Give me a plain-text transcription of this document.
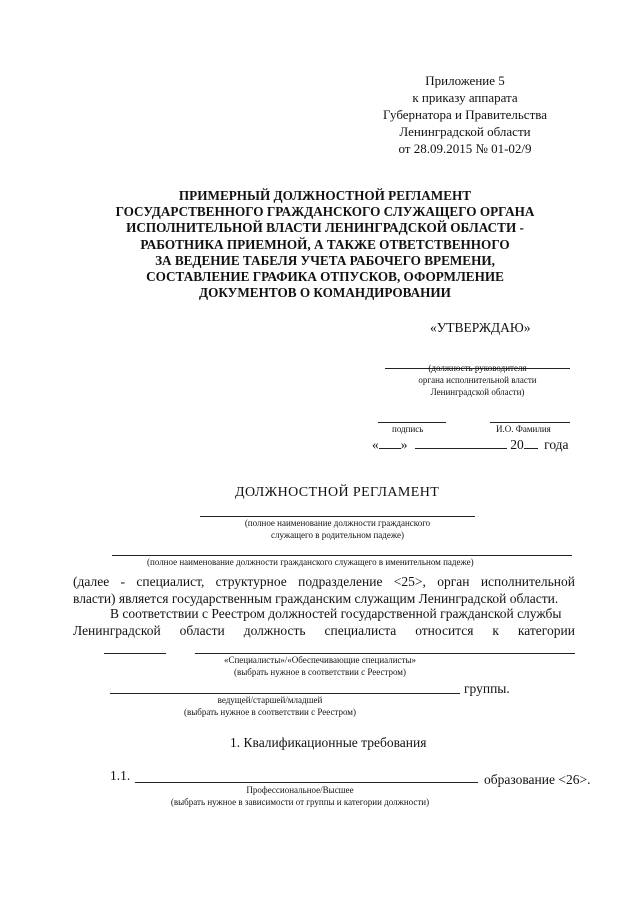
Приложение 5
к приказу аппарата
Губернатора и Правительства
Ленинградской области
от 28.09.2015 № 01-02/9
ПРИМЕРНЫЙ ДОЛЖНОСТНОЙ РЕГЛАМЕНТ
ГОСУДАРСТВЕННОГО ГРАЖДАНСКОГО СЛУЖАЩЕГО ОРГАНА
ИСПОЛНИТЕЛЬНОЙ ВЛАСТИ ЛЕНИНГРАДСКОЙ ОБЛАСТИ -
РАБОТНИКА ПРИЕМНОЙ, А ТАКЖЕ ОТВЕТСТВЕННОГО
ЗА ВЕДЕНИЕ ТАБЕЛЯ УЧЕТА РАБОЧЕГО ВРЕМЕНИ,
СОСТАВЛЕНИЕ ГРАФИКА ОТПУСКОВ, ОФОРМЛЕНИЕ
ДОКУМЕНТОВ О КОМАНДИРОВАНИИ
«УТВЕРЖДАЮ»
(должность руководителя
органа исполнительной власти
Ленинградской области)
подпись	И.О. Фамилия
« »	20 года
ДОЛЖНОСТНОЙ РЕГЛАМЕНТ
(полное наименование должности гражданского
служащего в родительном падеже)
(полное наименование должности гражданского служащего в именительном падеже)
(далее - специалист, структурное подразделение <25>, орган исполнительной
власти) является государственным гражданским служащим Ленинградской области.
В соответствии с Реестром должностей государственной гражданской службы
Ленинградской области должность специалиста относится к категории
«Специалисты»/«Обеспечивающие специалисты»
(выбрать нужное в соответствии с Реестром)
группы.
ведущей/старшей/младшей
(выбрать нужное в соответствии с Реестром)
1. Квалификационные требования
1.1.	образование <26>.
Профессиональное/Высшее
(выбрать нужное в зависимости от группы и категории должности)
